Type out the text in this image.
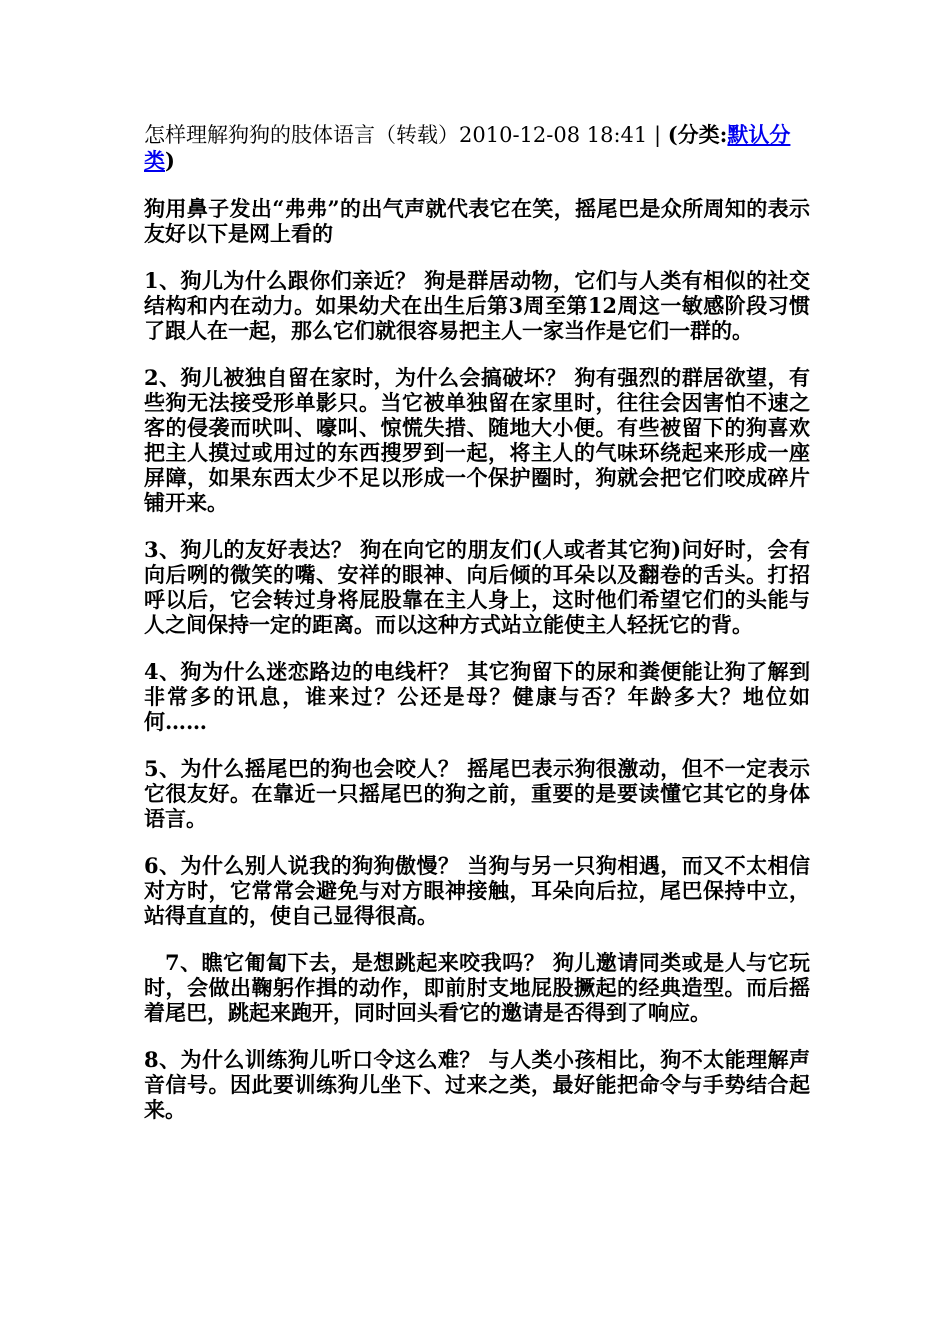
怎样理解狗狗的肢体语言（转载）2010-12-08 18:41 | (分类:默认分类)
狗用鼻子发出“弗弗”的出气声就代表它在笑，摇尾巴是众所周知的表示友好以下是网上看的
1、狗儿为什么跟你们亲近？ 狗是群居动物，它们与人类有相似的社交结构和内在动力。如果幼犬在出生后第3周至第12周这一敏感阶段习惯了跟人在一起，那么它们就很容易把主人一家当作是它们一群的。
2、狗儿被独自留在家时，为什么会搞破坏？ 狗有强烈的群居欲望，有些狗无法接受形单影只。当它被单独留在家里时，往往会因害怕不速之客的侵袭而吠叫、嚎叫、惊慌失措、随地大小便。有些被留下的狗喜欢把主人摸过或用过的东西搜罗到一起，将主人的气味环绕起来形成一座屏障，如果东西太少不足以形成一个保护圈时，狗就会把它们咬成碎片铺开来。
3、狗儿的友好表达？ 狗在向它的朋友们(人或者其它狗)问好时，会有向后咧的微笑的嘴、安祥的眼神、向后倾的耳朵以及翻卷的舌头。打招呼以后，它会转过身将屁股靠在主人身上，这时他们希望它们的头能与人之间保持一定的距离。而以这种方式站立能使主人轻抚它的背。
4、狗为什么迷恋路边的电线杆？ 其它狗留下的尿和粪便能让狗了解到非常多的讯息，谁来过？公还是母？健康与否？年龄多大？地位如何……
5、为什么摇尾巴的狗也会咬人？ 摇尾巴表示狗很激动，但不一定表示它很友好。在靠近一只摇尾巴的狗之前，重要的是要读懂它其它的身体语言。
6、为什么别人说我的狗狗傲慢？ 当狗与另一只狗相遇，而又不太相信对方时，它常常会避免与对方眼神接触，耳朵向后拉，尾巴保持中立，站得直直的，使自己显得很高。
7、瞧它匍匐下去，是想跳起来咬我吗？ 狗儿邀请同类或是人与它玩时，会做出鞠躬作揖的动作，即前肘支地屁股撅起的经典造型。而后摇着尾巴，跳起来跑开，同时回头看它的邀请是否得到了响应。
8、为什么训练狗儿听口令这么难？ 与人类小孩相比，狗不太能理解声音信号。因此要训练狗儿坐下、过来之类，最好能把命令与手势结合起来。
